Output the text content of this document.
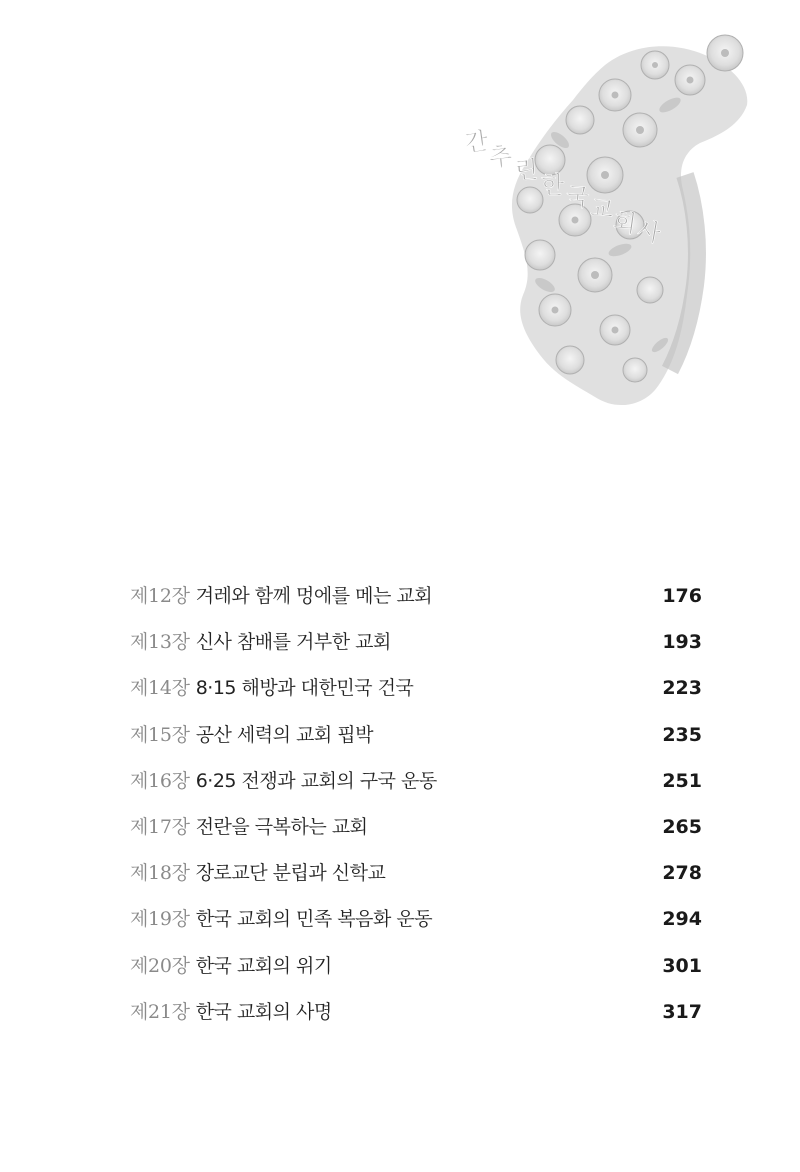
간
추 린
한 국
교
회
사
제12장 겨레와 함께 멍에를 메는 교회	176
제13장 신사 참배를 거부한 교회	193
제14장 8·15 해방과 대한민국 건국	223
제15장 공산 세력의 교회 핍박	235
제16장 6·25 전쟁과 교회의 구국 운동	251
제17장 전란을 극복하는 교회	265
제18장 장로교단 분립과 신학교	278
제19장 한국 교회의 민족 복음화 운동	294
제20장 한국 교회의 위기	301
제21장 한국 교회의 사명	317
